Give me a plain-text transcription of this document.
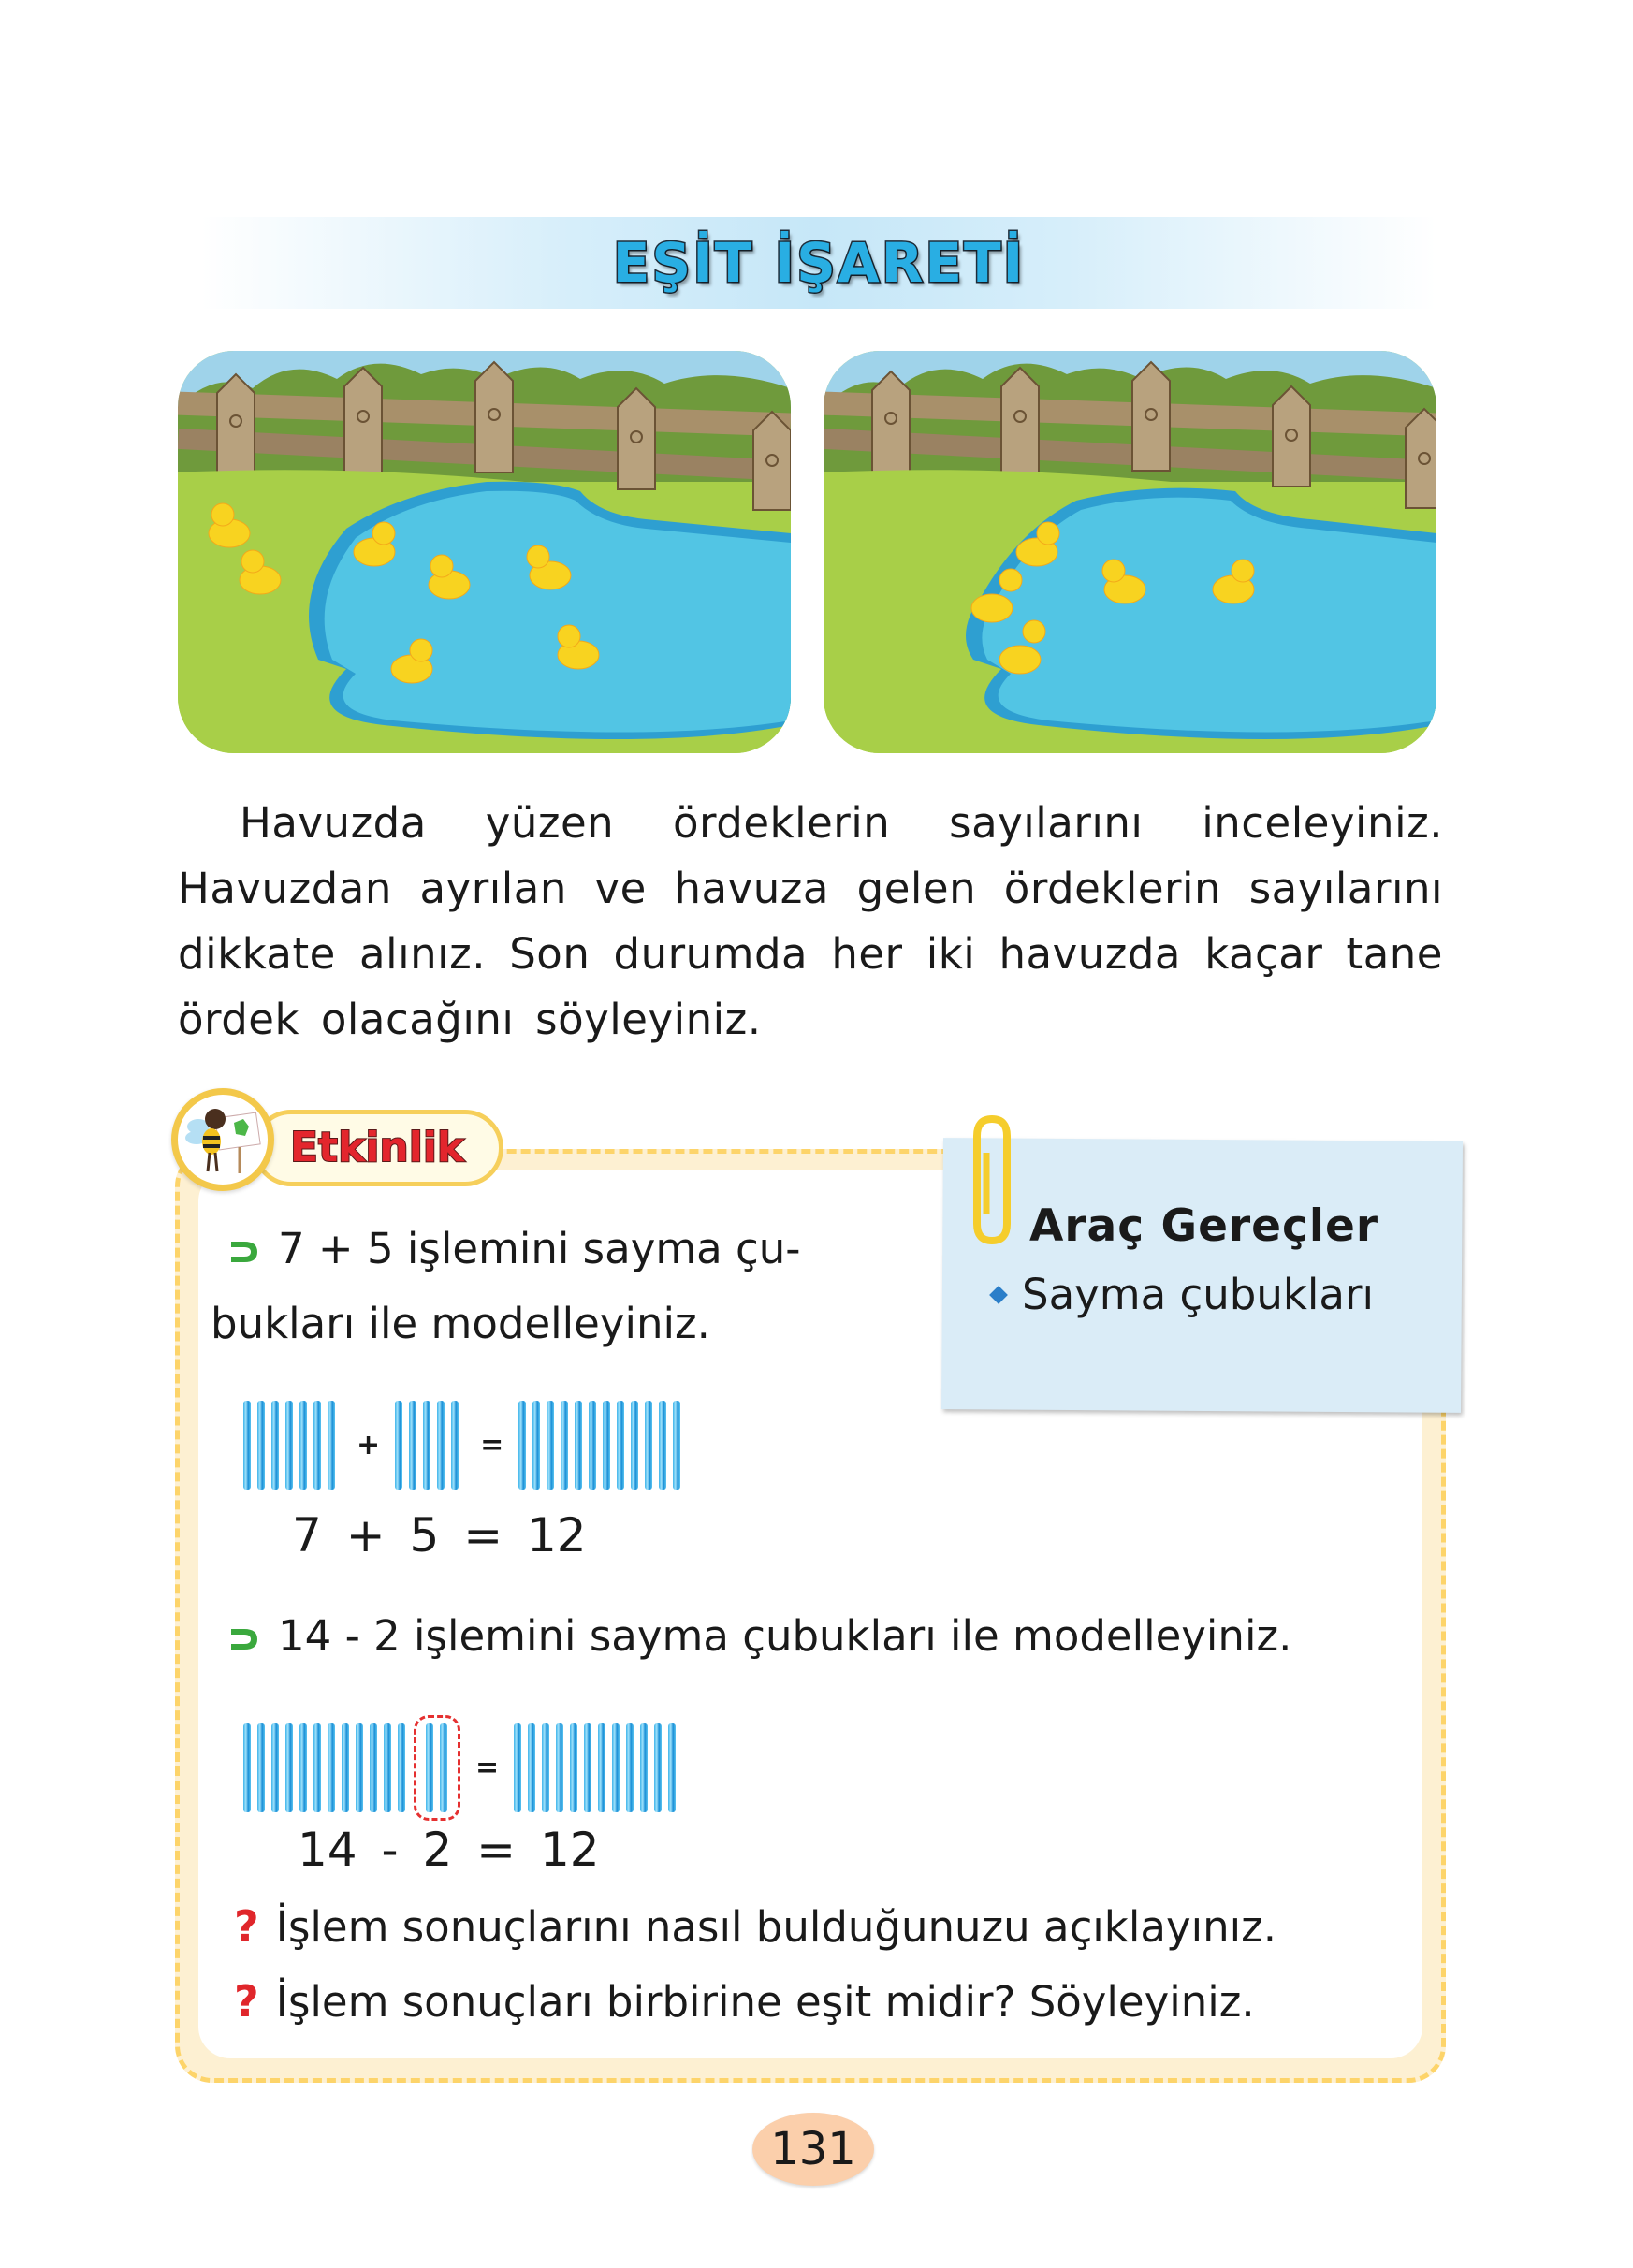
EŞİT İŞARETİ
Havuzda yüzen ördeklerin sayılarını inceleyiniz. Havuzdan ayrılan ve havuza gelen ördeklerin sayılarını dikkate alınız. Son durumda her iki havuzda kaçar tane ördek olacağını söyleyiniz.
Etkinlik
Araç Gereçler
Sayma çubukları
7 + 5 işlemini sayma çu-
bukları ile modelleyiniz.
+	=
7 + 5 = 12
14 - 2 işlemini sayma çubukları ile modelleyiniz.
=
14 - 2 = 12
? İşlem sonuçlarını nasıl bulduğunuzu açıklayınız.
? İşlem sonuçları birbirine eşit midir? Söyleyiniz.
131
